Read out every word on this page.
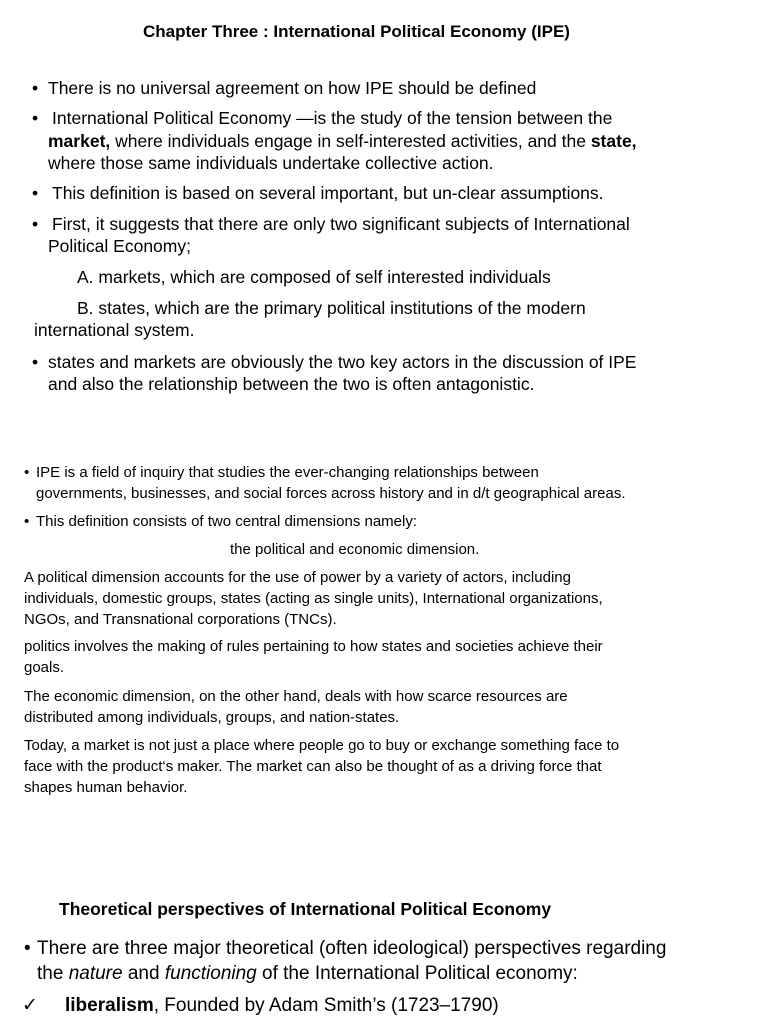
Chapter Three : International Political Economy (IPE)
• There is no universal agreement on how IPE should be defined
• International Political Economy —is the study of the tension between the
market, where individuals engage in self-interested activities, and the state,
where those same individuals undertake collective action.
• This definition is based on several important, but un-clear assumptions.
• First, it suggests that there are only two significant subjects of International
Political Economy;
A. markets, which are composed of self interested individuals
B. states, which are the primary political institutions of the modern
international system.
• states and markets are obviously the two key actors in the discussion of IPE
and also the relationship between the two is often antagonistic.
• IPE is a field of inquiry that studies the ever-changing relationships between
governments, businesses, and social forces across history and in d/t geographical areas.
• This definition consists of two central dimensions namely:
the political and economic dimension.
A political dimension accounts for the use of power by a variety of actors, including
individuals, domestic groups, states (acting as single units), International organizations,
NGOs, and Transnational corporations (TNCs).
politics involves the making of rules pertaining to how states and societies achieve their
goals.
The economic dimension, on the other hand, deals with how scarce resources are
distributed among individuals, groups, and nation-states.
Today, a market is not just a place where people go to buy or exchange something face to
face with the product‘s maker. The market can also be thought of as a driving force that
shapes human behavior.
Theoretical perspectives of International Political Economy
• There are three major theoretical (often ideological) perspectives regarding
the nature and functioning of the International Political economy:
✓ liberalism, Founded by Adam Smith’s (1723–1790)
